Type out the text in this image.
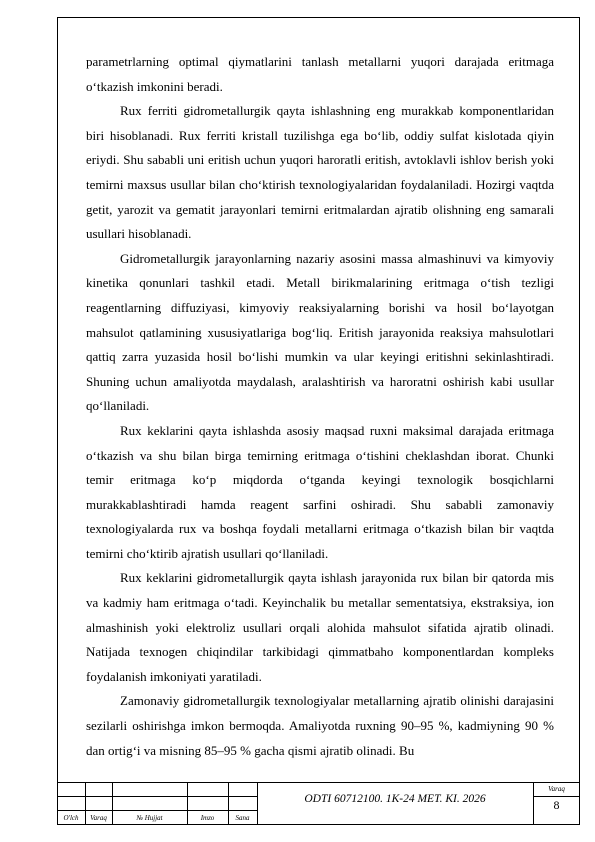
parametrlarning optimal qiymatlarini tanlash metallarni yuqori darajada eritmaga oʻtkazish imkonini beradi.

Rux ferriti gidrometallurgik qayta ishlashning eng murakkab komponentlaridan biri hisoblanadi. Rux ferriti kristall tuzilishga ega boʻlib, oddiy sulfat kislotada qiyin eriydi. Shu sababli uni eritish uchun yuqori haroratli eritish, avtoklavli ishlov berish yoki temirni maxsus usullar bilan choʻktirish texnologiyalaridan foydalaniladi. Hozirgi vaqtda getit, yarozit va gematit jarayonlari temirni eritmalardan ajratib olishning eng samarali usullari hisoblanadi.

Gidrometallurgik jarayonlarning nazariy asosini massa almashinuvi va kimyoviy kinetika qonunlari tashkil etadi. Metall birikmalarining eritmaga oʻtish tezligi reagentlarning diffuziyasi, kimyoviy reaksiyalarning borishi va hosil boʻlayotgan mahsulot qatlamining xususiyatlariga bogʻliq. Eritish jarayonida reaksiya mahsulotlari qattiq zarra yuzasida hosil boʻlishi mumkin va ular keyingi eritishni sekinlashtiradi. Shuning uchun amaliyotda maydalash, aralashtirish va haroratni oshirish kabi usullar qoʻllaniladi.

Rux keklarini qayta ishlashda asosiy maqsad ruxni maksimal darajada eritmaga oʻtkazish va shu bilan birga temirning eritmaga oʻtishini cheklashdan iborat. Chunki temir eritmaga koʻp miqdorda oʻtganda keyingi texnologik bosqichlarni murakkablashtiradi hamda reagent sarfini oshiradi. Shu sababli zamonaviy texnologiyalarda rux va boshqa foydali metallarni eritmaga oʻtkazish bilan bir vaqtda temirni choʻktirib ajratish usullari qoʻllaniladi.

Rux keklarini gidrometallurgik qayta ishlash jarayonida rux bilan bir qatorda mis va kadmiy ham eritmaga oʻtadi. Keyinchalik bu metallar sementatsiya, ekstraksiya, ion almashinish yoki elektroliz usullari orqali alohida mahsulot sifatida ajratib olinadi. Natijada texnogen chiqindilar tarkibidagi qimmatbaho komponentlardan kompleks foydalanish imkoniyati yaratiladi.

Zamonaviy gidrometallurgik texnologiyalar metallarning ajratib olinishi darajasini sezilarli oshirishga imkon bermoqda. Amaliyotda ruxning 90–95 %, kadmiyning 90 % dan ortigʻi va misning 85–95 % gacha qismi ajratib olinadi. Bu

O'lch	Varaq	№ Hujjat	Imzo	Sana
ODTI 60712100. 1K-24 MET. KI. 2026
Varaq
8
